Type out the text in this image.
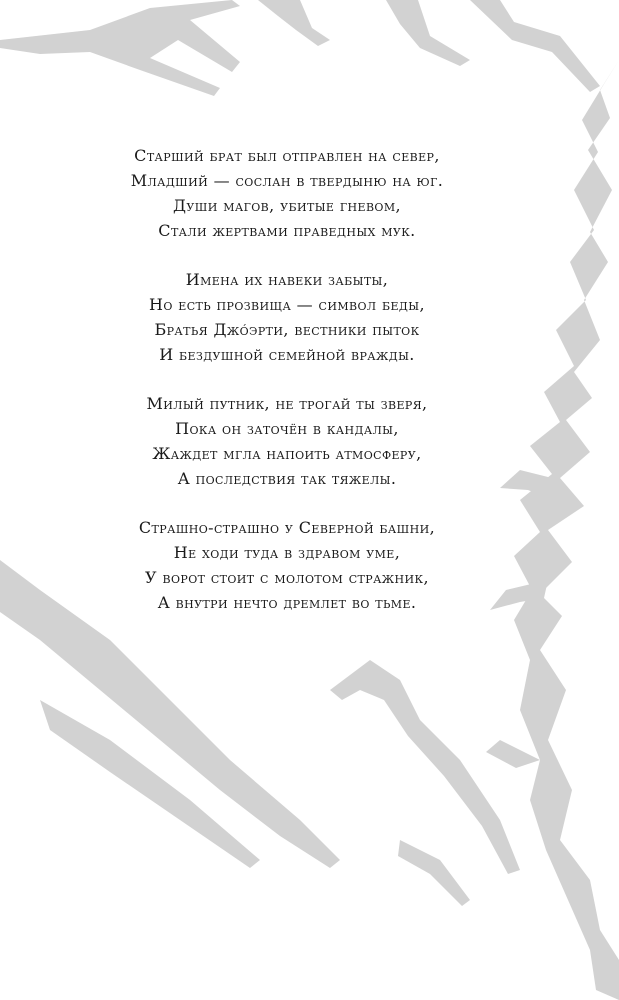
Старший брат был отправлен на север,
Младший — сослан в твердыню на юг.
Души магов, убитые гневом,
Стали жертвами праведных мук.
Имена их навеки забыты,
Но есть прозвища — символ беды,
Братья Джо́эрти, вестники пыток
И бездушной семейной вражды.
Милый путник, не трогай ты зверя,
Пока он заточён в кандалы,
Жаждет мгла напоить атмосферу,
А последствия так тяжелы.
Страшно-страшно у Северной башни,
Не ходи туда в здравом уме,
У ворот стоит с молотом стражник,
А внутри нечто дремлет во тьме.
